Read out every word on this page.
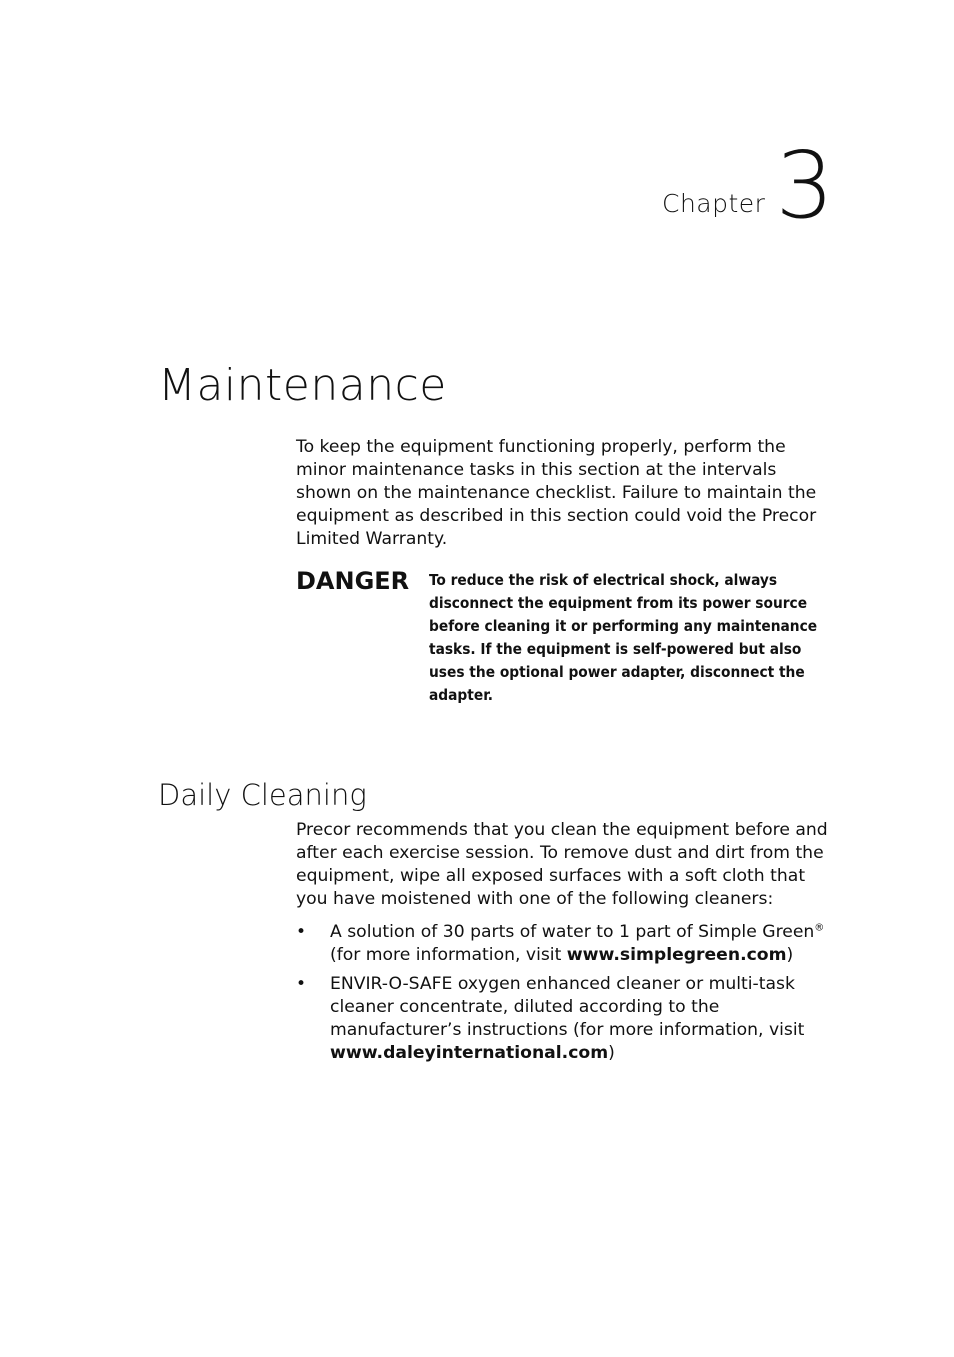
Chapter 3
Maintenance

To keep the equipment functioning properly, perform the minor maintenance tasks in this section at the intervals shown on the maintenance checklist. Failure to maintain the equipment as described in this section could void the Precor Limited Warranty.

DANGER	To reduce the risk of electrical shock, always disconnect the equipment from its power source before cleaning it or performing any maintenance tasks. If the equipment is self-powered but also uses the optional power adapter, disconnect the adapter.
Daily Cleaning

Precor recommends that you clean the equipment before and after each exercise session. To remove dust and dirt from the equipment, wipe all exposed surfaces with a soft cloth that you have moistened with one of the following cleaners:

•	A solution of 30 parts of water to 1 part of Simple Green® (for more information, visit www.simplegreen.com)
•	ENVIR-O-SAFE oxygen enhanced cleaner or multi-task cleaner concentrate, diluted according to the manufacturer’s instructions (for more information, visit www.daleyinternational.com)
